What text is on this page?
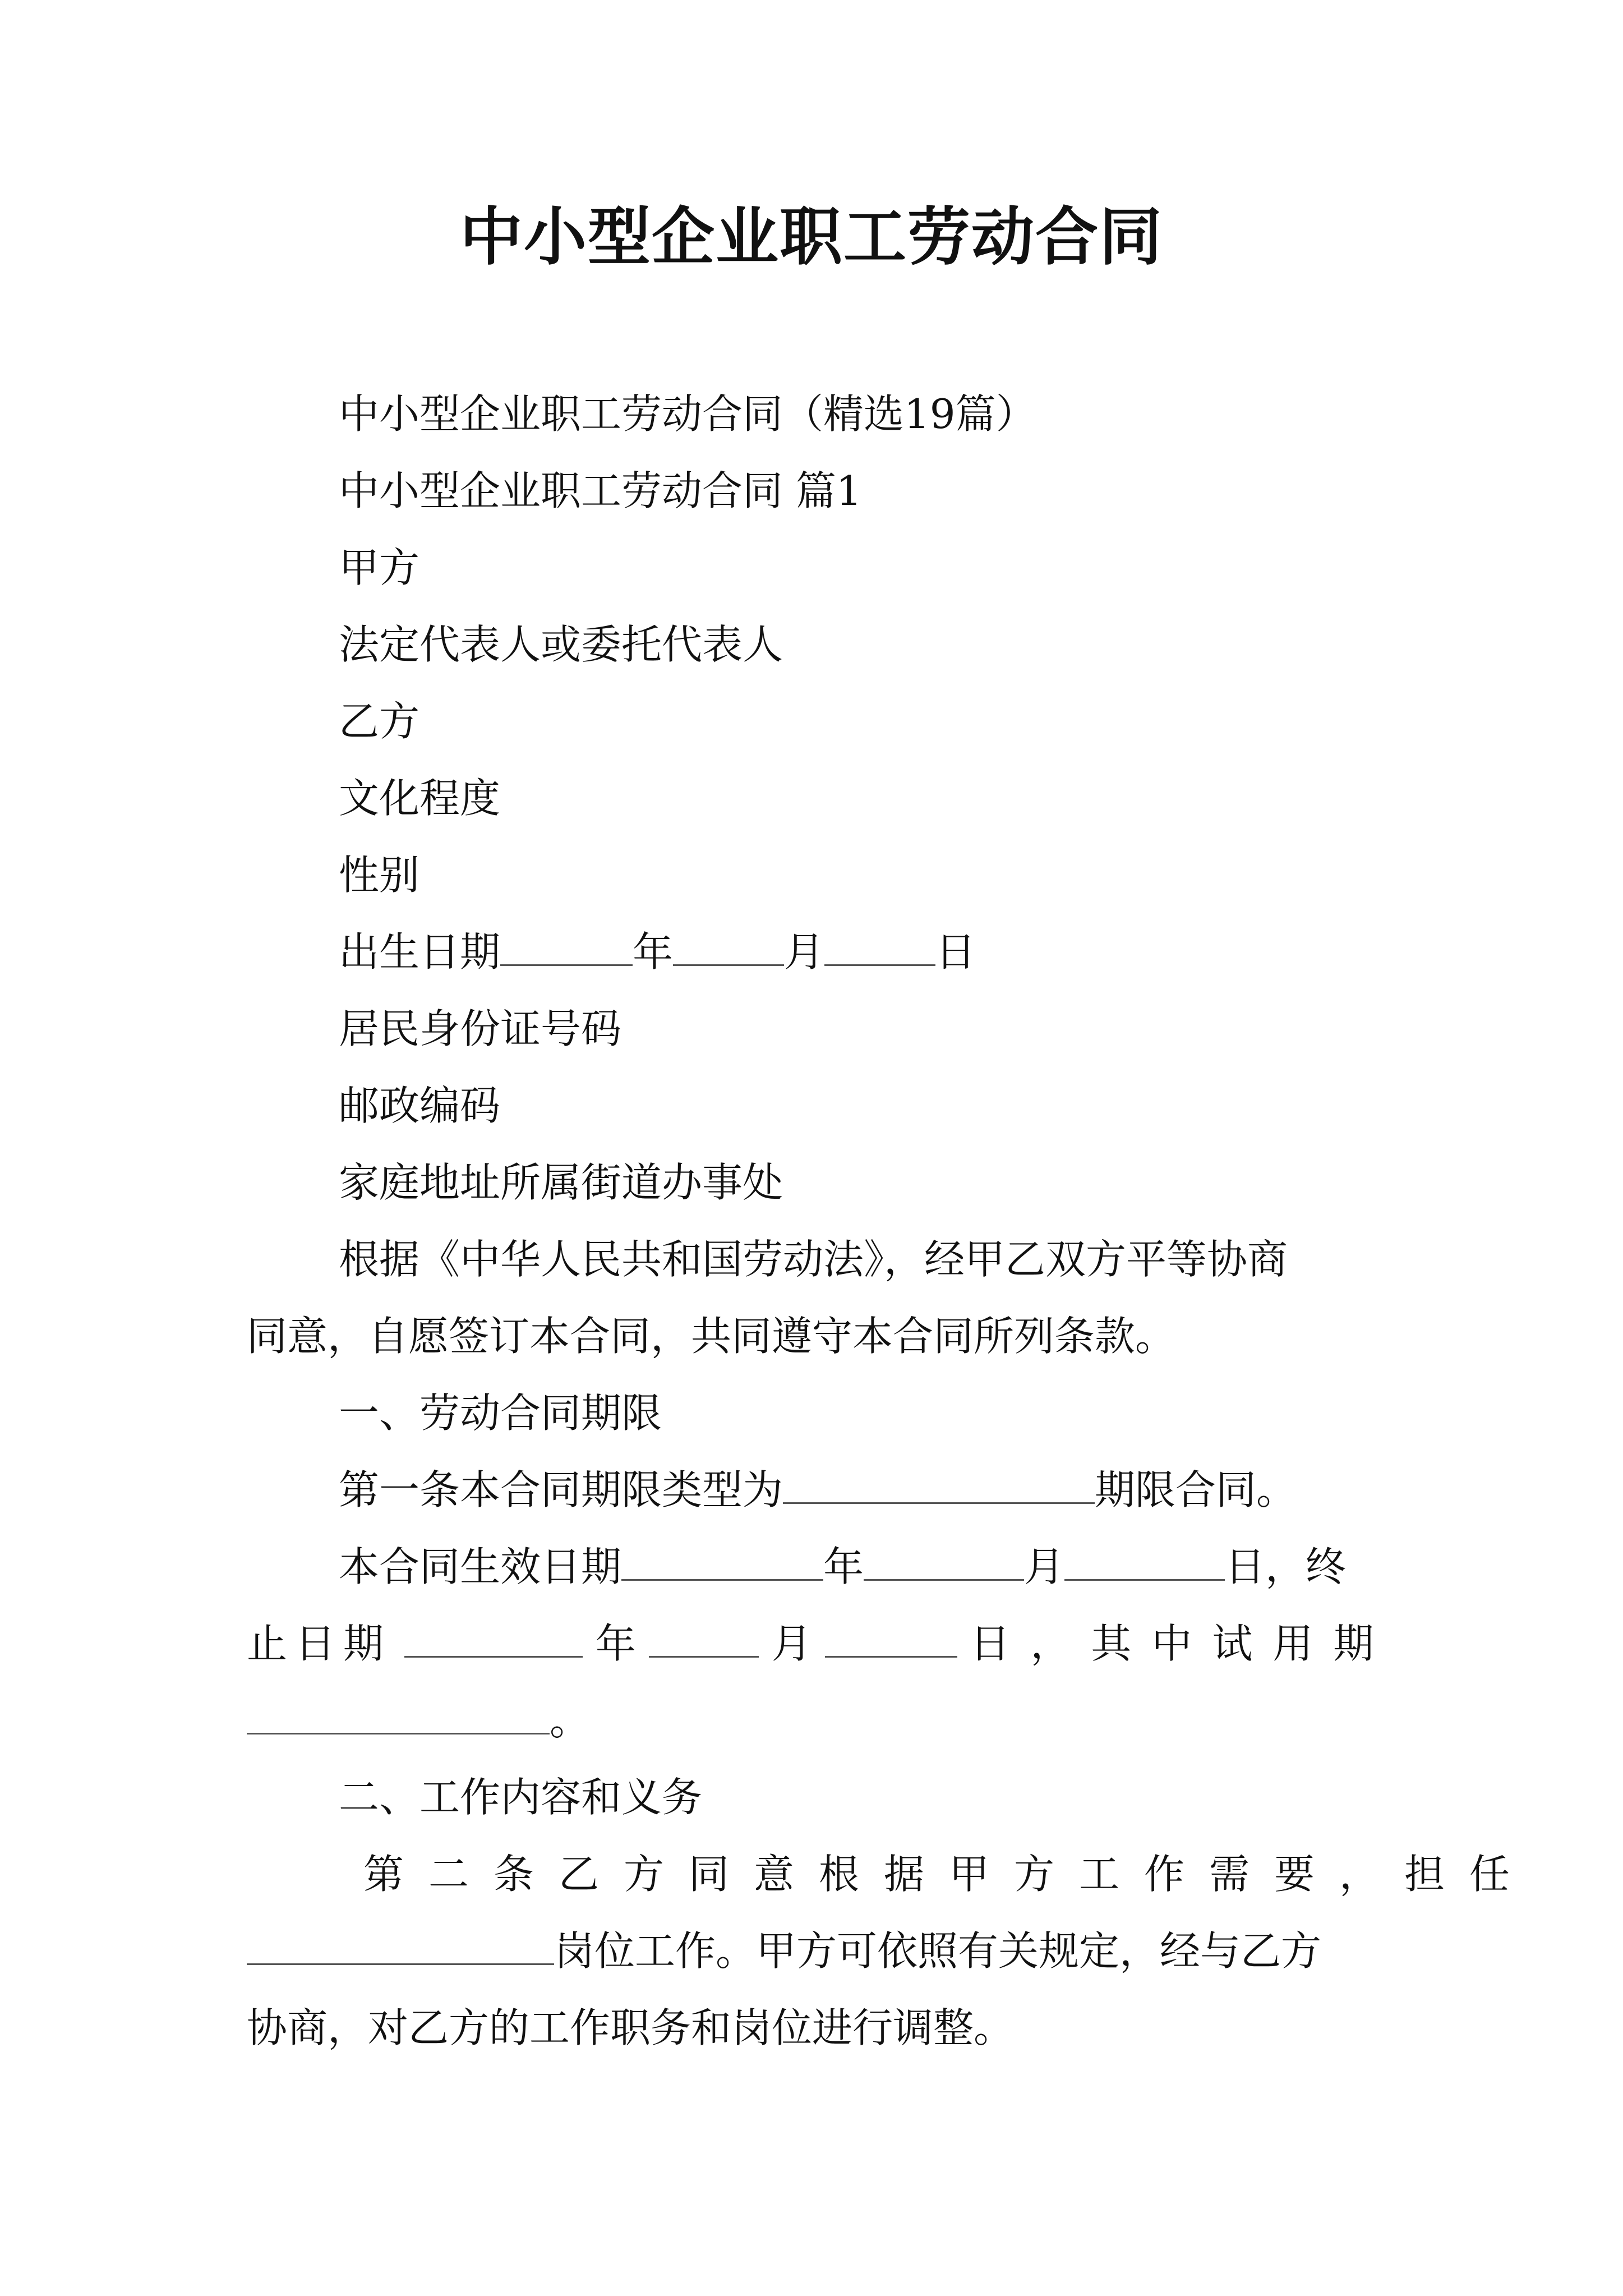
中小型企业职工劳动合同
中小型企业职工劳动合同（精选19篇）
中小型企业职工劳动合同 篇1
甲方
法定代表人或委托代表人
乙方
文化程度
性别
出生日期	年	月	日
居民身份证号码
邮政编码
家庭地址所属街道办事处
根据《中华人民共和国劳动法》，经甲乙双方平等协商
同意，自愿签订本合同，共同遵守本合同所列条款。
一、劳动合同期限
第一条本合同期限类型为	期限合同。
本合同生效日期	年	月	日，终
止日期	年	月	日，其中试用期
。
二、工作内容和义务
第二条乙方同意根据甲方工作需要，担任
岗位工作。甲方可依照有关规定，经与乙方
协商，对乙方的工作职务和岗位进行调整。
